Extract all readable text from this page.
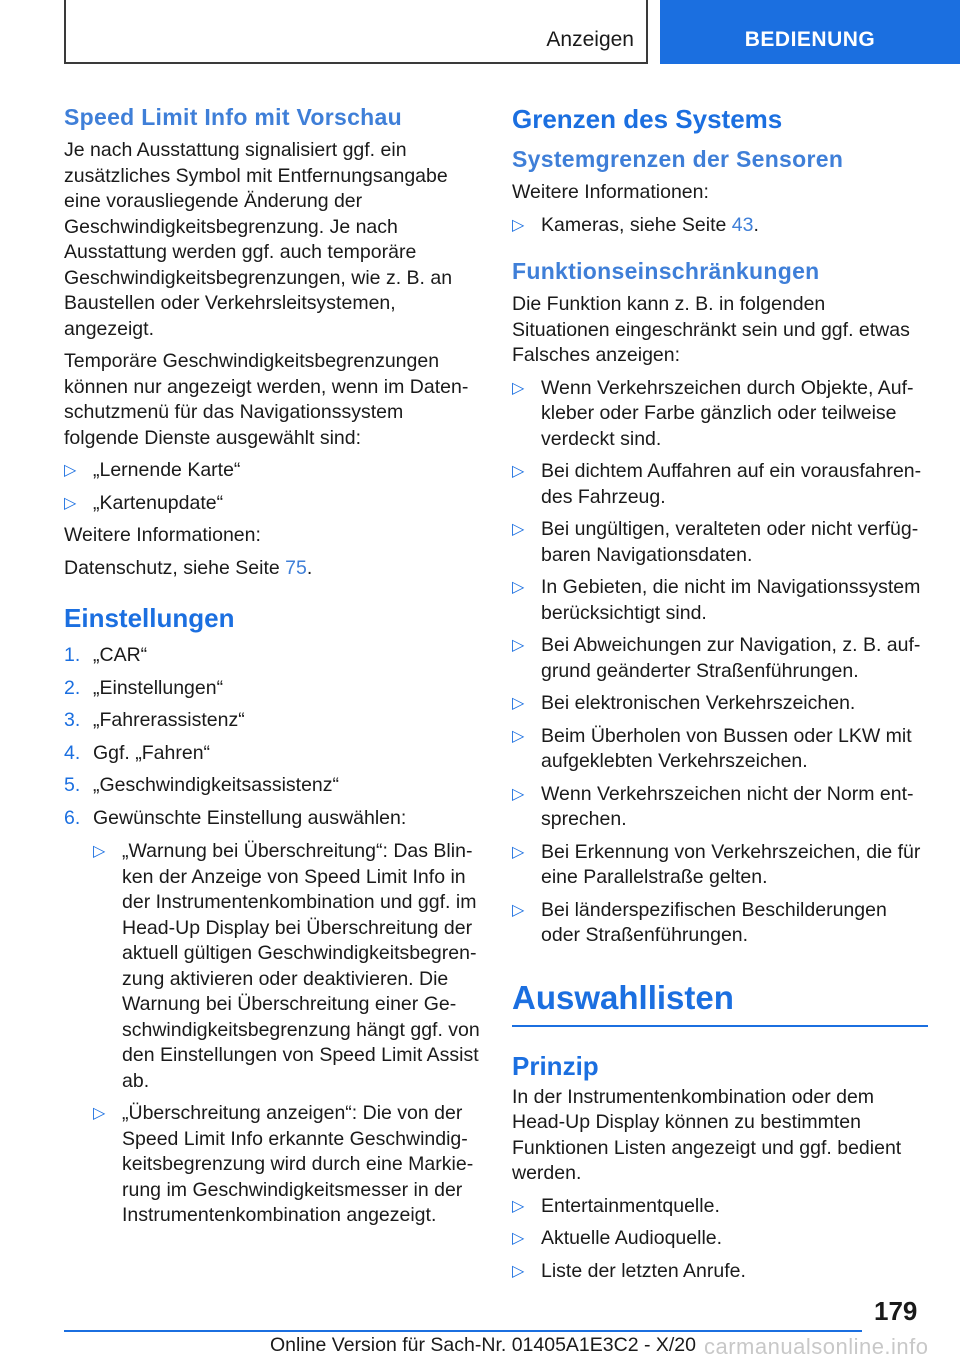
Anzeigen	BEDIENUNG
Speed Limit Info mit Vorschau

Je nach Ausstattung signalisiert ggf. ein zusätzliches Symbol mit Entfernungsangabe eine vorausliegende Änderung der Geschwindigkeitsbegrenzung. Je nach Ausstattung werden ggf. auch temporäre Geschwindigkeitsbegrenzungen, wie z. B. an Baustellen oder Verkehrsleitsystemen, angezeigt.

Temporäre Geschwindigkeitsbegrenzungen können nur angezeigt werden, wenn im Datenschutzmenü für das Navigationssystem folgende Dienste ausgewählt sind:

▷ „Lernende Karte“
▷ „Kartenupdate“

Weitere Informationen:

Datenschutz, siehe Seite 75.

Einstellungen
1. „CAR“
2. „Einstellungen“
3. „Fahrerassistenz“
4. Ggf. „Fahren“
5. „Geschwindigkeitsassistenz“
6. Gewünschte Einstellung auswählen:
▷ „Warnung bei Überschreitung“: Das Blinken der Anzeige von Speed Limit Info in der Instrumentenkombination und ggf. im Head-Up Display bei Überschreitung der aktuell gültigen Geschwindigkeitsbegrenzung aktivieren oder deaktivieren. Die Warnung bei Überschreitung einer Geschwindigkeitsbegrenzung hängt ggf. von den Einstellungen von Speed Limit Assist ab.
▷ „Überschreitung anzeigen“: Die von der Speed Limit Info erkannte Geschwindigkeitsbegrenzung wird durch eine Markierung im Geschwindigkeitsmesser in der Instrumentenkombination angezeigt.
Grenzen des Systems
Systemgrenzen der Sensoren

Weitere Informationen:

▷ Kameras, siehe Seite 43.
Funktionseinschränkungen

Die Funktion kann z. B. in folgenden Situationen eingeschränkt sein und ggf. etwas Falsches anzeigen:

▷ Wenn Verkehrszeichen durch Objekte, Aufkleber oder Farbe gänzlich oder teilweise verdeckt sind.
▷ Bei dichtem Auffahren auf ein vorausfahrendes Fahrzeug.
▷ Bei ungültigen, veralteten oder nicht verfügbaren Navigationsdaten.
▷ In Gebieten, die nicht im Navigationssystem berücksichtigt sind.
▷ Bei Abweichungen zur Navigation, z. B. aufgrund geänderter Straßenführungen.
▷ Bei elektronischen Verkehrszeichen.
▷ Beim Überholen von Bussen oder LKW mit aufgeklebten Verkehrszeichen.
▷ Wenn Verkehrszeichen nicht der Norm entsprechen.
▷ Bei Erkennung von Verkehrszeichen, die für eine Parallelstraße gelten.
▷ Bei länderspezifischen Beschilderungen oder Straßenführungen.
Auswahllisten
Prinzip

In der Instrumentenkombination oder dem Head-Up Display können zu bestimmten Funktionen Listen angezeigt und ggf. bedient werden.

▷ Entertainmentquelle.
▷ Aktuelle Audioquelle.
▷ Liste der letzten Anrufe.
179
Online Version für Sach-Nr. 01405A1E3C2 - X/20 carmanualsonline.info
